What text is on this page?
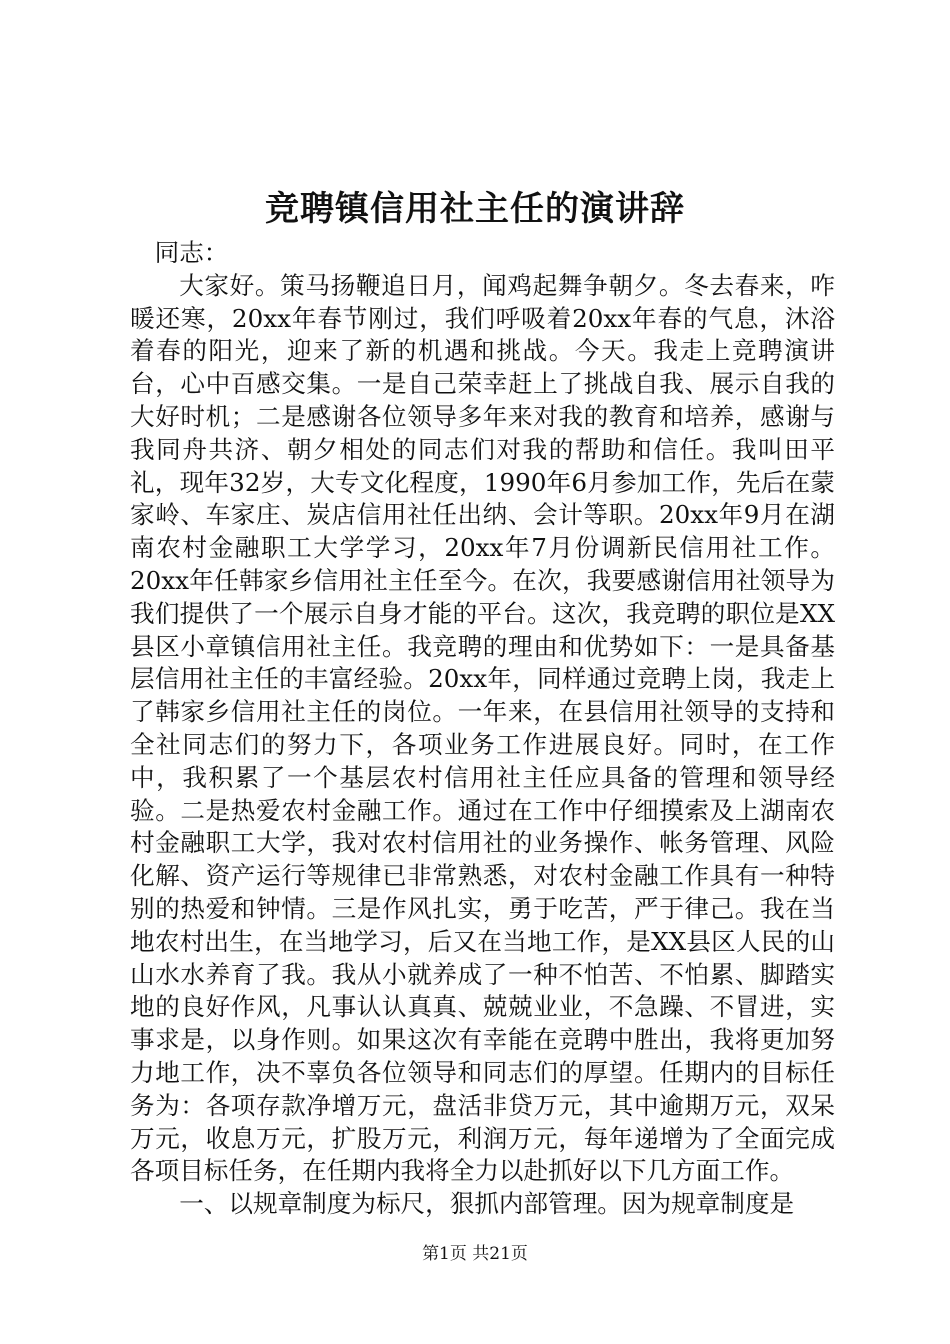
竞聘镇信用社主任的演讲辞

同志：

大家好。策马扬鞭追日月，闻鸡起舞争朝夕。冬去春来，咋暖还寒，20xx年春节刚过，我们呼吸着20xx年春的气息，沐浴着春的阳光，迎来了新的机遇和挑战。今天。我走上竞聘演讲台，心中百感交集。一是自己荣幸赶上了挑战自我、展示自我的大好时机；二是感谢各位领导多年来对我的教育和培养，感谢与我同舟共济、朝夕相处的同志们对我的帮助和信任。我叫田平礼，现年32岁，大专文化程度，1990年6月参加工作，先后在蒙家岭、车家庄、炭店信用社任出纳、会计等职。20xx年9月在湖南农村金融职工大学学习，20xx年7月份调新民信用社工作。20xx年任韩家乡信用社主任至今。在次，我要感谢信用社领导为我们提供了一个展示自身才能的平台。这次，我竞聘的职位是XX县区小章镇信用社主任。我竞聘的理由和优势如下：一是具备基层信用社主任的丰富经验。20xx年，同样通过竞聘上岗，我走上了韩家乡信用社主任的岗位。一年来，在县信用社领导的支持和全社同志们的努力下，各项业务工作进展良好。同时，在工作中，我积累了一个基层农村信用社主任应具备的管理和领导经验。二是热爱农村金融工作。通过在工作中仔细摸索及上湖南农村金融职工大学，我对农村信用社的业务操作、帐务管理、风险化解、资产运行等规律已非常熟悉，对农村金融工作具有一种特别的热爱和钟情。三是作风扎实，勇于吃苦，严于律己。我在当地农村出生，在当地学习，后又在当地工作，是XX县区人民的山山水水养育了我。我从小就养成了一种不怕苦、不怕累、脚踏实地的良好作风，凡事认认真真、兢兢业业，不急躁、不冒进，实事求是，以身作则。如果这次有幸能在竞聘中胜出，我将更加努力地工作，决不辜负各位领导和同志们的厚望。任期内的目标任务为：各项存款净增万元，盘活非贷万元，其中逾期万元，双呆万元，收息万元，扩股万元，利润万元，每年递增为了全面完成各项目标任务，在任期内我将全力以赴抓好以下几方面工作。

一、以规章制度为标尺，狠抓内部管理。因为规章制度是

第1页 共21页
